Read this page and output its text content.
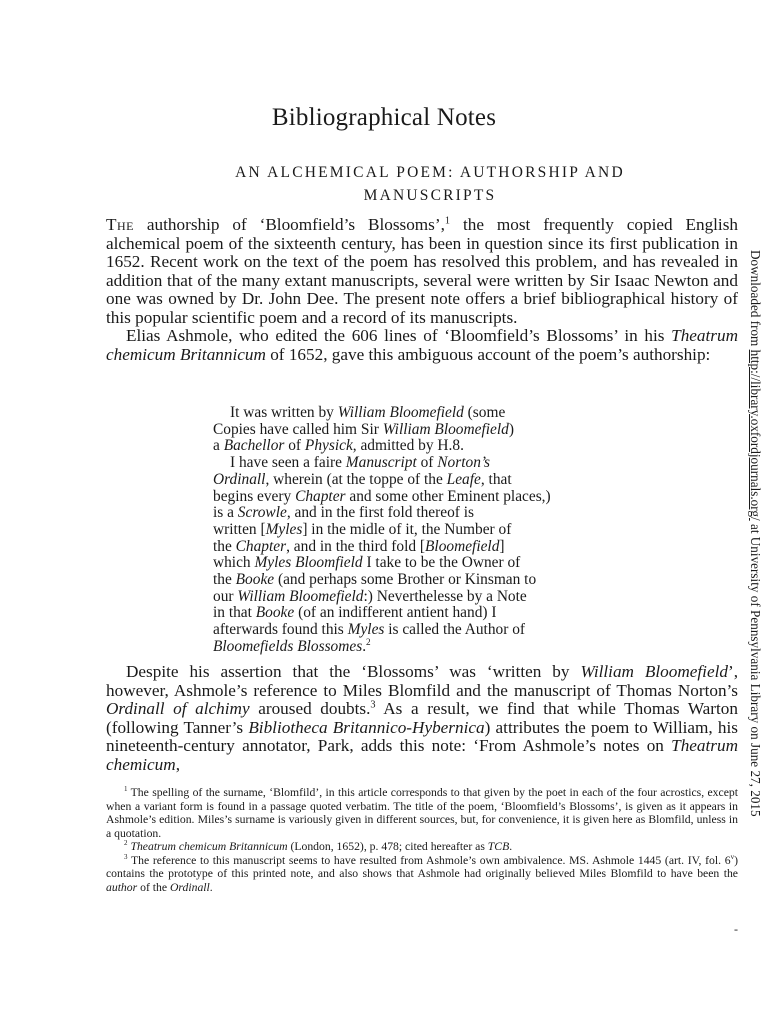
Bibliographical Notes
AN ALCHEMICAL POEM: AUTHORSHIP AND
MANUSCRIPTS

The authorship of ‘Bloomfield’s Blossoms’,$^1$ the most frequently copied English alchemical poem of the sixteenth century, has been in question since its first publication in 1652. Recent work on the text of the poem has resolved this problem, and has revealed in addition that of the many extant manuscripts, several were written by Sir Isaac Newton and one was owned by Dr. John Dee. The present note offers a brief bibliographical history of this popular scientific poem and a record of its manuscripts.

Elias Ashmole, who edited the 606 lines of ‘Bloomfield’s Blossoms’ in his Theatrum chemicum Britannicum of 1652, gave this ambiguous account of the poem’s authorship:

It was written by William Bloomefield (some
Copies have called him Sir William Bloomefield)
a Bachellor of Physick, admitted by H.8.
I have seen a faire Manuscript of Norton’s
Ordinall, wherein (at the toppe of the Leafe, that
begins every Chapter and some other Eminent places,)
is a Scrowle, and in the first fold thereof is
written [Myles] in the midle of it, the Number of
the Chapter, and in the third fold [Bloomefield]
which Myles Bloomfield I take to be the Owner of
the Booke (and perhaps some Brother or Kinsman to
our William Bloomefield:) Neverthelesse by a Note
in that Booke (of an indifferent antient hand) I
afterwards found this Myles is called the Author of
Bloomefields Blossomes.$^2$

Despite his assertion that the ‘Blossoms’ was ‘written by William Bloomefield’, however, Ashmole’s reference to Miles Blomfild and the manuscript of Thomas Norton’s Ordinall of alchimy aroused doubts.$^3$ As a result, we find that while Thomas Warton (following Tanner’s Bibliotheca Britannico-Hybernica) attributes the poem to William, his nineteenth-century annotator, Park, adds this note: ‘From Ashmole’s notes on Theatrum chemicum,

$^1$ The spelling of the surname, ‘Blomfild’, in this article corresponds to that given by the poet in each of the four acrostics, except when a variant form is found in a passage quoted verbatim. The title of the poem, ‘Bloomfield’s Blossoms’, is given as it appears in Ashmole’s edition. Miles’s surname is variously given in different sources, but, for convenience, it is given here as Blomfild, unless in a quotation.

$^2$ Theatrum chemicum Britannicum (London, 1652), p. 478; cited hereafter as TCB.

$^3$ The reference to this manuscript seems to have resulted from Ashmole’s own ambivalence. MS. Ashmole 1445 (art. IV, fol. 6$^v$) contains the prototype of this printed note, and also shows that Ashmole had originally believed Miles Blomfild to have been the author of the Ordinall.

Downloaded from http://library.oxfordjournals.org/ at University of Pennsylvania Library on June 27, 2015
-
